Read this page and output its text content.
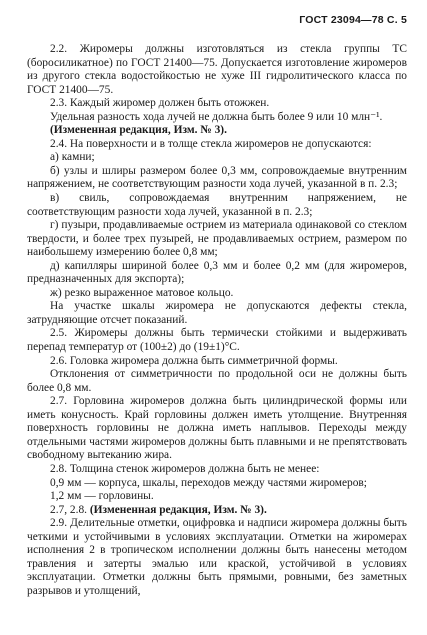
ГОСТ 23094—78 С. 5

2.2. Жиромеры должны изготовляться из стекла группы ТС (боросиликатное) по ГОСТ 21400—75. Допускается изготовление жиромеров из другого стекла водостойкостью не хуже III гидролитического класса по ГОСТ 21400—75.

2.3. Каждый жиромер должен быть отожжен.

Удельная разность хода лучей не должна быть более 9 или 10 млн⁻¹.

(Измененная редакция, Изм. № 3).

2.4. На поверхности и в толще стекла жиромеров не допускаются:

а) камни;

б) узлы и шлиры размером более 0,3 мм, сопровождаемые внутренним напряжением, не соответствующим разности хода лучей, указанной в п. 2.3;

в) свиль, сопровождаемая внутренним напряжением, не соответствующим разности хода лучей, указанной в п. 2.3;

г) пузыри, продавливаемые острием из материала одинаковой со стеклом твердости, и более трех пузырей, не продавливаемых острием, размером по наибольшему измерению более 0,8 мм;

д) капилляры шириной более 0,3 мм и более 0,2 мм (для жиромеров, предназначенных для экспорта);

ж) резко выраженное матовое кольцо.

На участке шкалы жиромера не допускаются дефекты стекла, затрудняющие отсчет показаний.

2.5. Жиромеры должны быть термически стойкими и выдерживать перепад температур от (100±2) до (19±1)°С.

2.6. Головка жиромера должна быть симметричной формы.

Отклонения от симметричности по продольной оси не должны быть более 0,8 мм.

2.7. Горловина жиромеров должна быть цилиндрической формы или иметь конусность. Край горловины должен иметь утолщение. Внутренняя поверхность горловины не должна иметь наплывов. Переходы между отдельными частями жиромеров должны быть плавными и не препятствовать свободному вытеканию жира.

2.8. Толщина стенок жиромеров должна быть не менее:

0,9 мм — корпуса, шкалы, переходов между частями жиромеров;

1,2 мм — горловины.

2.7, 2.8. (Измененная редакция, Изм. № 3).

2.9. Делительные отметки, оцифровка и надписи жиромера должны быть четкими и устойчивыми в условиях эксплуатации. Отметки на жиромерах исполнения 2 в тропическом исполнении должны быть нанесены методом травления и затерты эмалью или краской, устойчивой в условиях эксплуатации. Отметки должны быть прямыми, ровными, без заметных разрывов и утолщений,
